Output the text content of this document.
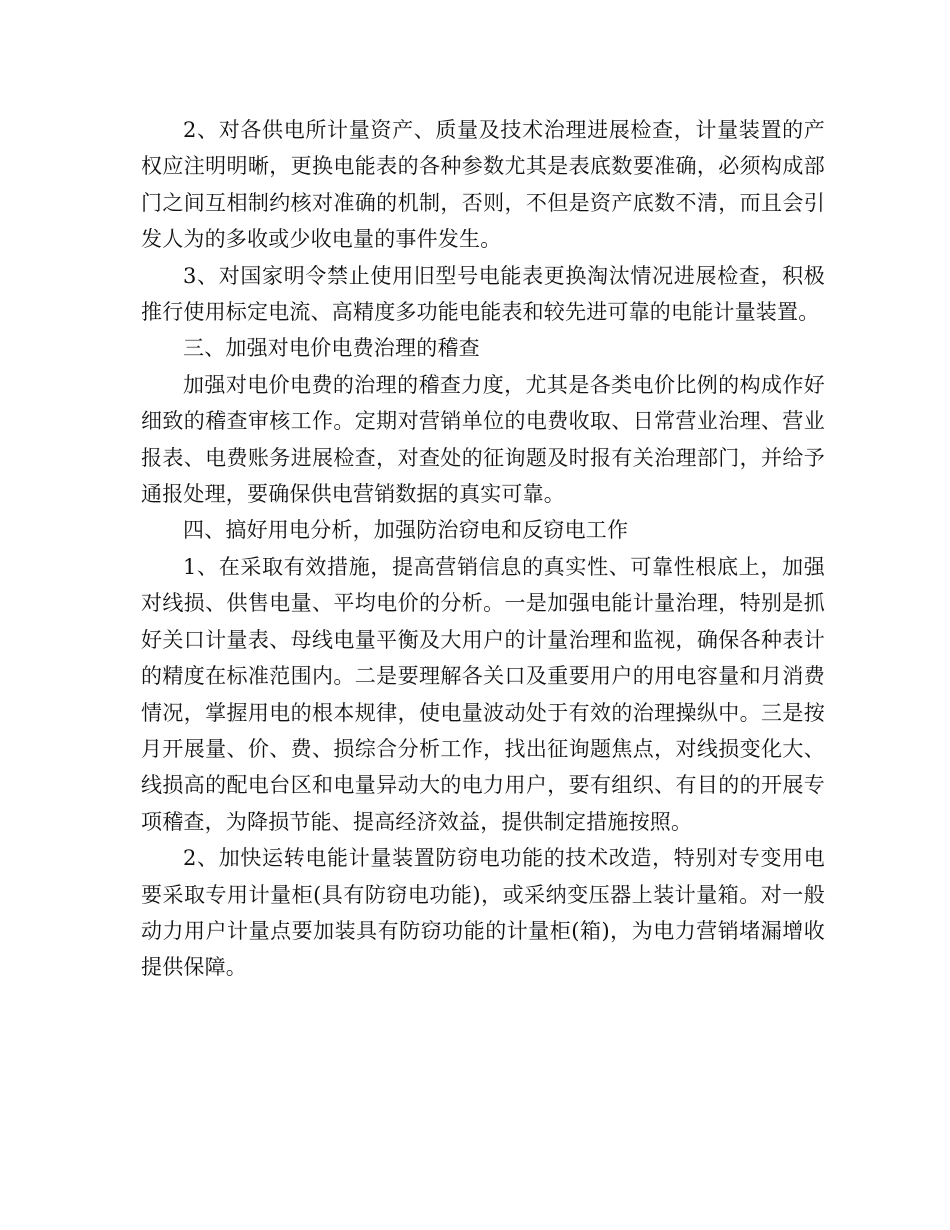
2、对各供电所计量资产、质量及技术治理进展检查，计量装置的产权应注明明晰，更换电能表的各种参数尤其是表底数要准确，必须构成部门之间互相制约核对准确的机制，否则，不但是资产底数不清，而且会引发人为的多收或少收电量的事件发生。

3、对国家明令禁止使用旧型号电能表更换淘汰情况进展检查，积极推行使用标定电流、高精度多功能电能表和较先进可靠的电能计量装置。

三、加强对电价电费治理的稽查

加强对电价电费的治理的稽查力度，尤其是各类电价比例的构成作好细致的稽查审核工作。定期对营销单位的电费收取、日常营业治理、营业报表、电费账务进展检查，对查处的征询题及时报有关治理部门，并给予通报处理，要确保供电营销数据的真实可靠。

四、搞好用电分析，加强防治窃电和反窃电工作

1、在采取有效措施，提高营销信息的真实性、可靠性根底上，加强对线损、供售电量、平均电价的分析。一是加强电能计量治理，特别是抓好关口计量表、母线电量平衡及大用户的计量治理和监视，确保各种表计的精度在标准范围内。二是要理解各关口及重要用户的用电容量和月消费情况，掌握用电的根本规律，使电量波动处于有效的治理操纵中。三是按月开展量、价、费、损综合分析工作，找出征询题焦点，对线损变化大、线损高的配电台区和电量异动大的电力用户，要有组织、有目的的开展专项稽查，为降损节能、提高经济效益，提供制定措施按照。

2、加快运转电能计量装置防窃电功能的技术改造，特别对专变用电要采取专用计量柜(具有防窃电功能)，或采纳变压器上装计量箱。对一般动力用户计量点要加装具有防窃功能的计量柜(箱)，为电力营销堵漏增收提供保障。
